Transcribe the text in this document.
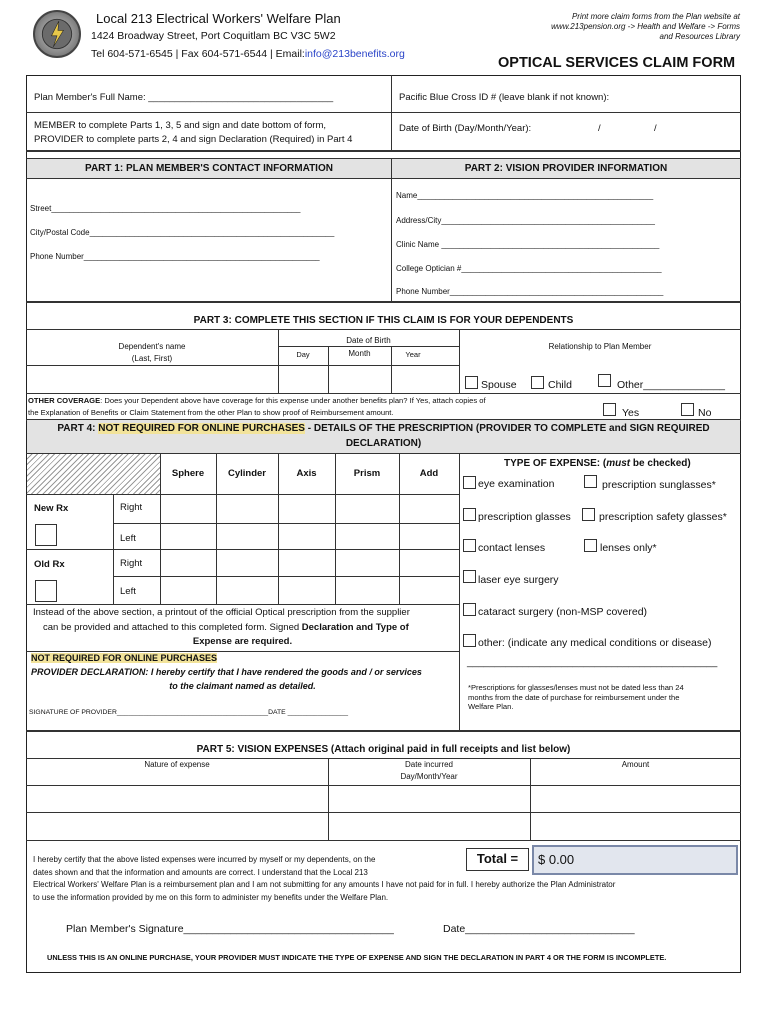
Local 213 Electrical Workers' Welfare Plan
1424 Broadway Street, Port Coquitlam BC V3C 5W2
Tel 604-571-6545 | Fax 604-571-6544 | Email:info@213benefits.org
Print more claim forms from the Plan website at
www.213pension.org -> Health and Welfare -> Forms
and Resources Library
OPTICAL SERVICES CLAIM FORM
Plan Member's Full Name: ___________________________________	Pacific Blue Cross ID # (leave blank if not known):
MEMBER to complete Parts 1, 3, 5 and sign and date bottom of form,
PROVIDER to complete parts 2, 4 and sign Declaration (Required) in Part 4
Date of Birth (Day/Month/Year):	/	/
PART 1: PLAN MEMBER'S CONTACT INFORMATION	PART 2: VISION PROVIDER INFORMATION
Street________________________________________________________
City/Postal Code_______________________________________________________
Phone Number_____________________________________________________
Name_____________________________________________________
Address/City________________________________________________
Clinic Name _________________________________________________
College Optician #_____________________________________________
Phone Number________________________________________________
PART 3: COMPLETE THIS SECTION IF THIS CLAIM IS FOR YOUR DEPENDENTS
Dependent's name
(Last, First)
Date of Birth
Day	Month	Year
Relationship to Plan Member
Spouse	Child	Other______________
OTHER COVERAGE: Does your Dependent above have coverage for this expense under another benefits plan? If Yes, attach copies of
the Explanation of Benefits or Claim Statement from the other Plan to show proof of Reimbursement amount.	Yes	No
PART 4: NOT REQUIRED FOR ONLINE PURCHASES - DETAILS OF THE PRESCRIPTION (PROVIDER TO COMPLETE and SIGN REQUIRED
DECLARATION)
Sphere	Cylinder	Axis	Prism	Add
New Rx	Right
Left
Old Rx	Right
Left
Instead of the above section, a printout of the official Optical prescription from the supplier
can be provided and attached to this completed form. Signed Declaration and Type of
Expense are required.
NOT REQUIRED FOR ONLINE PURCHASES
PROVIDER DECLARATION: I hereby certify that I have rendered the goods and / or services
to the claimant named as detailed.
SIGNATURE OF PROVIDER________________________________________DATE ________________
TYPE OF EXPENSE: (must be checked)
eye examination	prescription sunglasses*
prescription glasses	prescription safety glasses*
contact lenses	lenses only*
laser eye surgery
cataract surgery (non-MSP covered)
other: (indicate any medical conditions or disease)
_____________________________________________
*Prescriptions for glasses/lenses must not be dated less than 24
months from the date of purchase for reimbursement under the
Welfare Plan.
PART 5: VISION EXPENSES (Attach original paid in full receipts and list below)
Nature of expense	Date incurred
Day/Month/Year
Amount
I hereby certify that the above listed expenses were incurred by myself or my dependents, on the
dates shown and that the information and amounts are correct. I understand that the Local 213
Electrical Workers' Welfare Plan is a reimbursement plan and I am not submitting for any amounts I have not paid for in full. I hereby authorize the Plan Administrator
to use the information provided by me on this form to administer my benefits under the Welfare Plan.
Total =	$ 0.00
Plan Member's Signature____________________________________	Date_____________________________
UNLESS THIS IS AN ONLINE PURCHASE, YOUR PROVIDER MUST INDICATE THE TYPE OF EXPENSE AND SIGN THE DECLARATION IN PART 4 OR THE FORM IS INCOMPLETE.
